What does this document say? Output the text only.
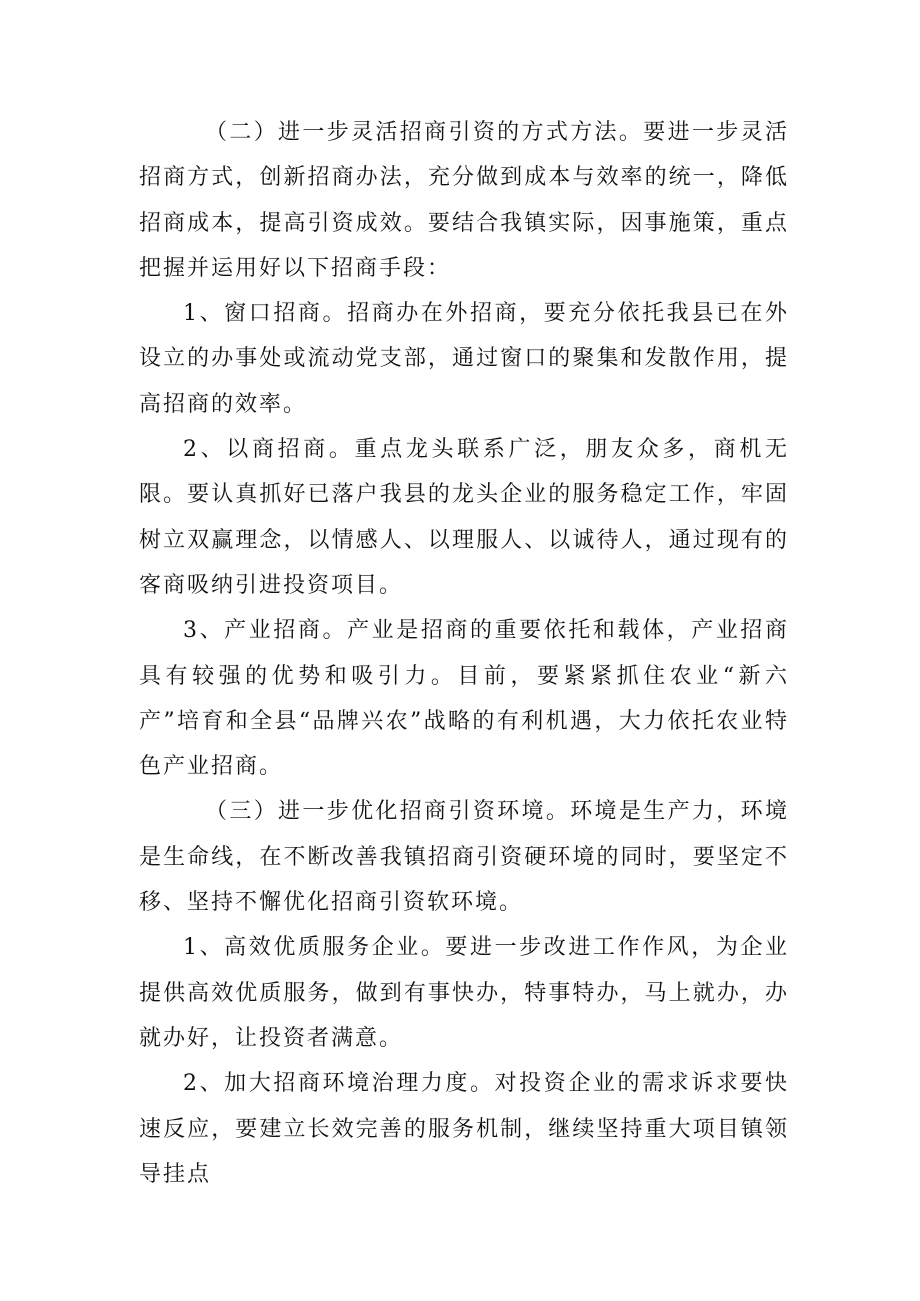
（二）进一步灵活招商引资的方式方法。要进一步灵活招商方式，创新招商办法，充分做到成本与效率的统一，降低招商成本，提高引资成效。要结合我镇实际，因事施策，重点把握并运用好以下招商手段：

1、窗口招商。招商办在外招商，要充分依托我县已在外设立的办事处或流动党支部，通过窗口的聚集和发散作用，提高招商的效率。

2、以商招商。重点龙头联系广泛，朋友众多，商机无限。要认真抓好已落户我县的龙头企业的服务稳定工作，牢固树立双赢理念，以情感人、以理服人、以诚待人，通过现有的客商吸纳引进投资项目。

3、产业招商。产业是招商的重要依托和载体，产业招商具有较强的优势和吸引力。目前，要紧紧抓住农业“新六产”培育和全县“品牌兴农”战略的有利机遇，大力依托农业特色产业招商。

（三）进一步优化招商引资环境。环境是生产力，环境是生命线，在不断改善我镇招商引资硬环境的同时，要坚定不移、坚持不懈优化招商引资软环境。

1、高效优质服务企业。要进一步改进工作作风，为企业提供高效优质服务，做到有事快办，特事特办，马上就办，办就办好，让投资者满意。

2、加大招商环境治理力度。对投资企业的需求诉求要快速反应，要建立长效完善的服务机制，继续坚持重大项目镇领导挂点
